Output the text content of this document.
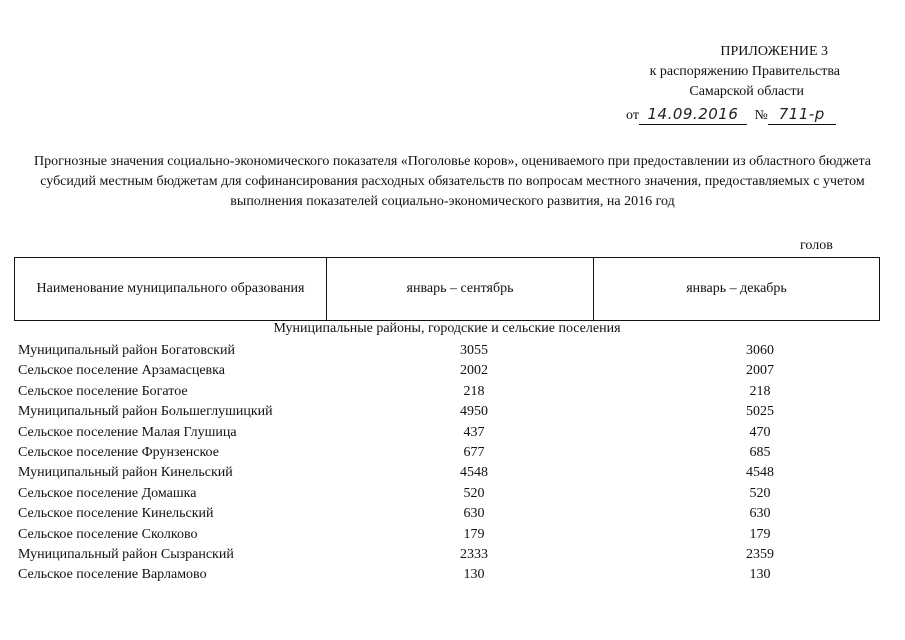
ПРИЛОЖЕНИЕ 3
к распоряжению Правительства
Самарской области
от 14.09.2016 № 711-р
Прогнозные значения социально-экономического показателя «Поголовье коров», оцениваемого при предоставлении из областного бюджета субсидий местным бюджетам для софинансирования расходных обязательств по вопросам местного значения, предоставляемых с учетом выполнения показателей социально-экономического развития, на 2016 год
голов
Наименование муниципального образования	январь – сентябрь	январь – декабрь
Муниципальные районы, городские и сельские поселения
Муниципальный район Богатовский	3055	3060
Сельское поселение Арзамасцевка	2002	2007
Сельское поселение Богатое	218	218
Муниципальный район Большеглушицкий	4950	5025
Сельское поселение Малая Глушица	437	470
Сельское поселение Фрунзенское	677	685
Муниципальный район Кинельский	4548	4548
Сельское поселение Домашка	520	520
Сельское поселение Кинельский	630	630
Сельское поселение Сколково	179	179
Муниципальный район Сызранский	2333	2359
Сельское поселение Варламово	130	130
